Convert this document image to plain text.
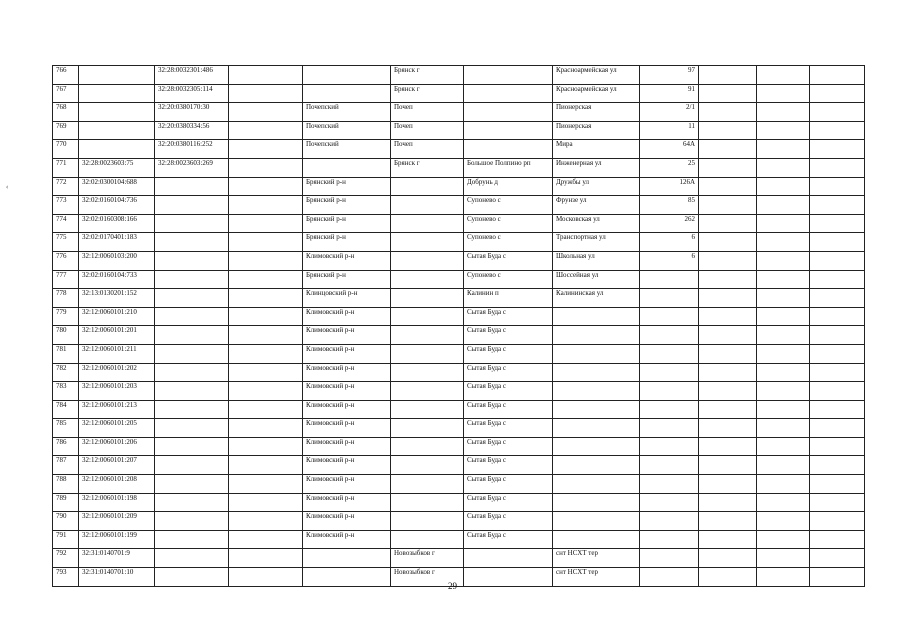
‹
766		32:28:0032301:486			Брянск г		Красноармейская ул	97			
767		32:28:0032305:114			Брянск г		Красноармейская ул	91			
768		32:20:0380170:30		Почепский	Почеп		Пионерская	2/1			
769		32:20:0380334:56		Почепский	Почеп		Пионерская	11			
770		32:20:0380116:252		Почепский	Почеп		Мира	64А			
771	32:28:0023603:75	32:28:0023603:269			Брянск г	Большое Полпино рп	Инженерная ул	25			
772	32:02:0300104:688			Брянский р-н		Добрунь д	Дружбы ул	126А			
773	32:02:0160104:736			Брянский р-н		Супонево с	Фрунзе ул	85			
774	32:02:0160308:166			Брянский р-н		Супонево с	Московская ул	262			
775	32:02:0170401:183			Брянский р-н		Супонево с	Транспортная ул	6			
776	32:12:0060103:200			Климовский р-н		Сытая Буда с	Школьная ул	6			
777	32:02:0160104:733			Брянский р-н		Супонево с	Шоссейная ул				
778	32:13:0130201:152			Клинцовский р-н		Калинин п	Калининская ул				
779	32:12:0060101:210			Климовский р-н		Сытая Буда с					
780	32:12:0060101:201			Климовский р-н		Сытая Буда с					
781	32:12:0060101:211			Климовский р-н		Сытая Буда с					
782	32:12:0060101:202			Климовский р-н		Сытая Буда с					
783	32:12:0060101:203			Климовский р-н		Сытая Буда с					
784	32:12:0060101:213			Климовский р-н		Сытая Буда с					
785	32:12:0060101:205			Климовский р-н		Сытая Буда с					
786	32:12:0060101:206			Климовский р-н		Сытая Буда с					
787	32:12:0060101:207			Климовский р-н		Сытая Буда с					
788	32:12:0060101:208			Климовский р-н		Сытая Буда с					
789	32:12:0060101:198			Климовский р-н		Сытая Буда с					
790	32:12:0060101:209			Климовский р-н		Сытая Буда с					
791	32:12:0060101:199			Климовский р-н		Сытая Буда с					
792	32:31:0140701:9				Новозыбков г		снт НСХТ тер				
793	32:31:0140701:10				Новозыбков г		снт НСХТ тер				
29
